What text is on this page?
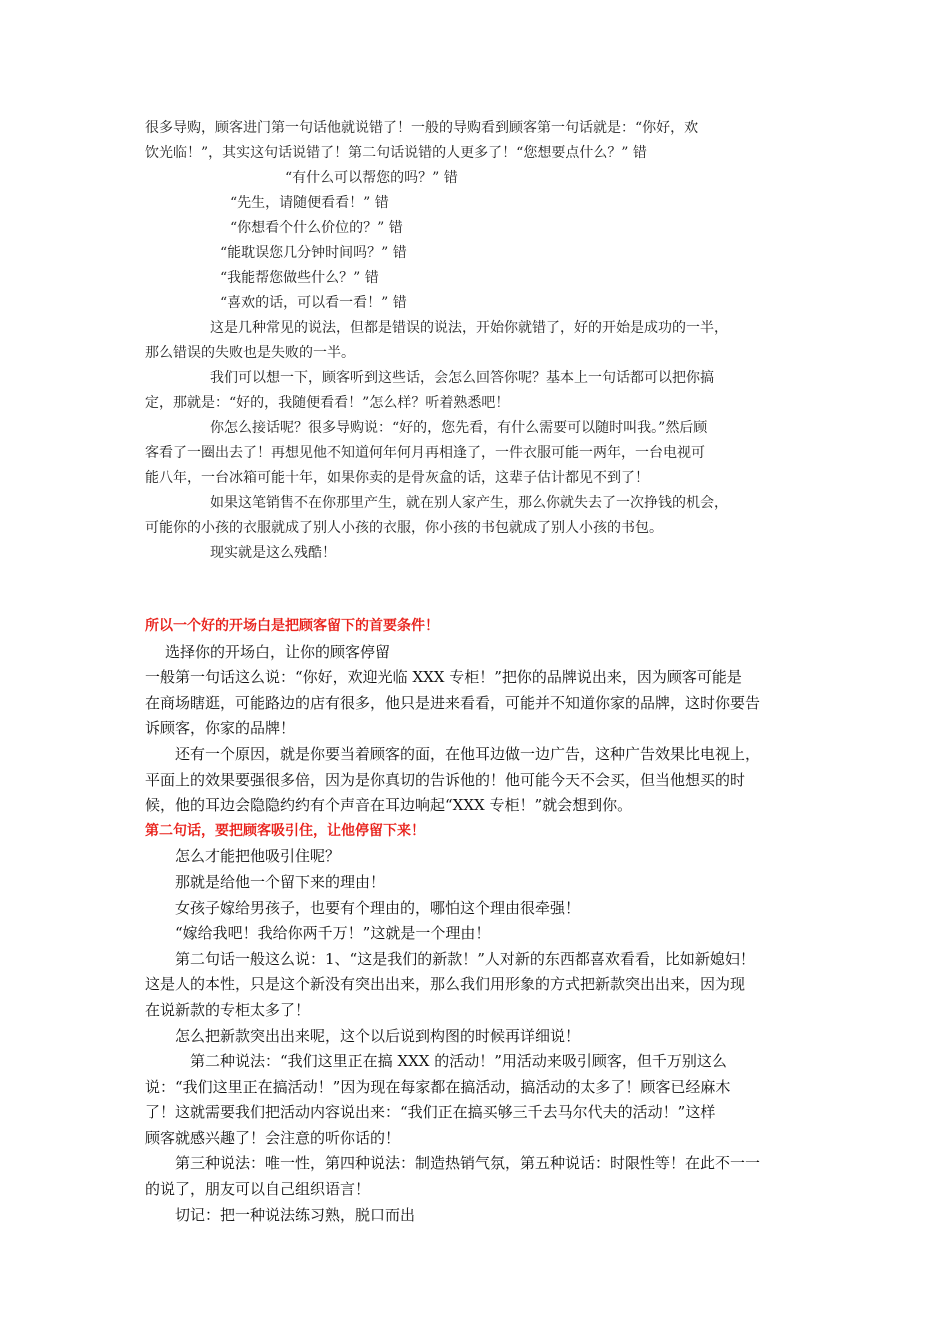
很多导购，顾客进门第一句话他就说错了！一般的导购看到顾客第一句话就是：“你好，欢
饮光临！”，其实这句话说错了！第二句话说错的人更多了！“您想要点什么？” 错
“有什么可以帮您的吗？” 错
“先生，请随便看看！” 错
“你想看个什么价位的？” 错
“能耽误您几分钟时间吗？” 错
“我能帮您做些什么？” 错
“喜欢的话，可以看一看！” 错
这是几种常见的说法，但都是错误的说法，开始你就错了，好的开始是成功的一半，
那么错误的失败也是失败的一半。
我们可以想一下，顾客听到这些话，会怎么回答你呢？基本上一句话都可以把你搞
定，那就是：“好的，我随便看看！”怎么样？听着熟悉吧！
你怎么接话呢？很多导购说：“好的，您先看，有什么需要可以随时叫我。”然后顾
客看了一圈出去了！再想见他不知道何年何月再相逢了，一件衣服可能一两年，一台电视可
能八年，一台冰箱可能十年，如果你卖的是骨灰盒的话，这辈子估计都见不到了！
如果这笔销售不在你那里产生，就在别人家产生，那么你就失去了一次挣钱的机会，
可能你的小孩的衣服就成了别人小孩的衣服，你小孩的书包就成了别人小孩的书包。
现实就是这么残酷！
所以一个好的开场白是把顾客留下的首要条件！
选择你的开场白，让你的顾客停留
一般第一句话这么说：“你好，欢迎光临 XXX 专柜！”把你的品牌说出来，因为顾客可能是
在商场瞎逛，可能路边的店有很多，他只是进来看看，可能并不知道你家的品牌，这时你要告
诉顾客，你家的品牌！
还有一个原因，就是你要当着顾客的面，在他耳边做一边广告，这种广告效果比电视上，
平面上的效果要强很多倍，因为是你真切的告诉他的！他可能今天不会买，但当他想买的时
候，他的耳边会隐隐约约有个声音在耳边响起“XXX 专柜！”就会想到你。
第二句话，要把顾客吸引住，让他停留下来！
怎么才能把他吸引住呢？
那就是给他一个留下来的理由！
女孩子嫁给男孩子，也要有个理由的，哪怕这个理由很牵强！
“嫁给我吧！我给你两千万！”这就是一个理由！
第二句话一般这么说：1、“这是我们的新款！”人对新的东西都喜欢看看，比如新媳妇！
这是人的本性，只是这个新没有突出出来，那么我们用形象的方式把新款突出出来，因为现
在说新款的专柜太多了！
怎么把新款突出出来呢，这个以后说到构图的时候再详细说！
第二种说法：“我们这里正在搞 XXX 的活动！”用活动来吸引顾客，但千万别这么
说：“我们这里正在搞活动！”因为现在每家都在搞活动，搞活动的太多了！顾客已经麻木
了！这就需要我们把活动内容说出来：“我们正在搞买够三千去马尔代夫的活动！”这样
顾客就感兴趣了！会注意的听你话的！
第三种说法：唯一性，第四种说法：制造热销气氛，第五种说话：时限性等！在此不一一
的说了，朋友可以自己组织语言！
切记：把一种说法练习熟，脱口而出
